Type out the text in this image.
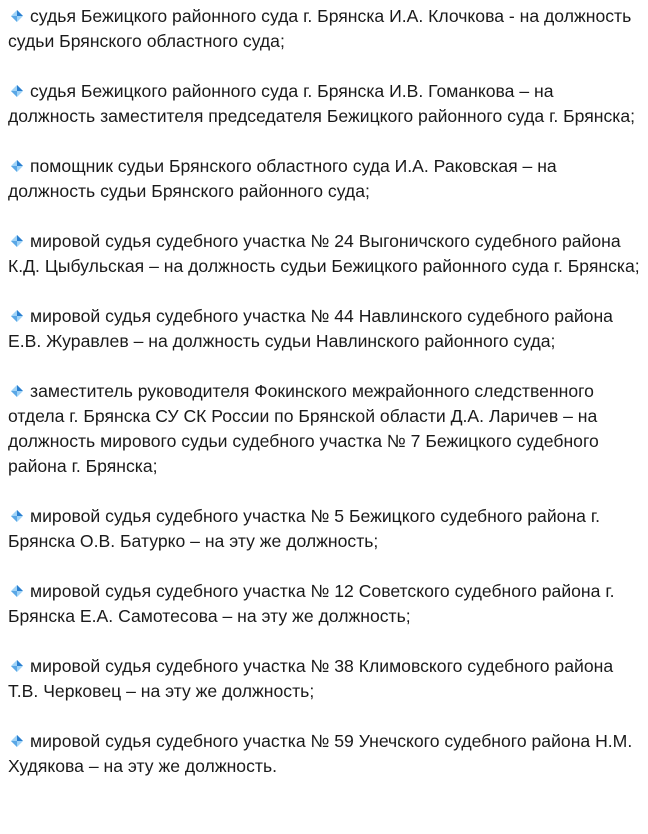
судья Бежицкого районного суда г. Брянска И.А. Клочкова - на должность судьи Брянского областного суда;

судья Бежицкого районного суда г. Брянска И.В. Гоманкова – на должность заместителя председателя Бежицкого районного суда г. Брянска;

помощник судьи Брянского областного суда И.А. Раковская – на должность судьи Брянского районного суда;

мировой судья судебного участка № 24 Выгоничского судебного района К.Д. Цыбульская – на должность судьи Бежицкого районного суда г. Брянска;

мировой судья судебного участка № 44 Навлинского судебного района Е.В. Журавлев – на должность судьи Навлинского районного суда;

заместитель руководителя Фокинского межрайонного следственного отдела г. Брянска СУ СК России по Брянской области Д.А. Ларичев – на должность мирового судьи судебного участка № 7 Бежицкого судебного района г. Брянска;

мировой судья судебного участка № 5 Бежицкого судебного района г. Брянска О.В. Батурко – на эту же должность;

мировой судья судебного участка № 12 Советского судебного района г. Брянска Е.А. Самотесова – на эту же должность;

мировой судья судебного участка № 38 Климовского судебного района Т.В. Черковец – на эту же должность;

мировой судья судебного участка № 59 Унечского судебного района Н.М. Худякова – на эту же должность.
